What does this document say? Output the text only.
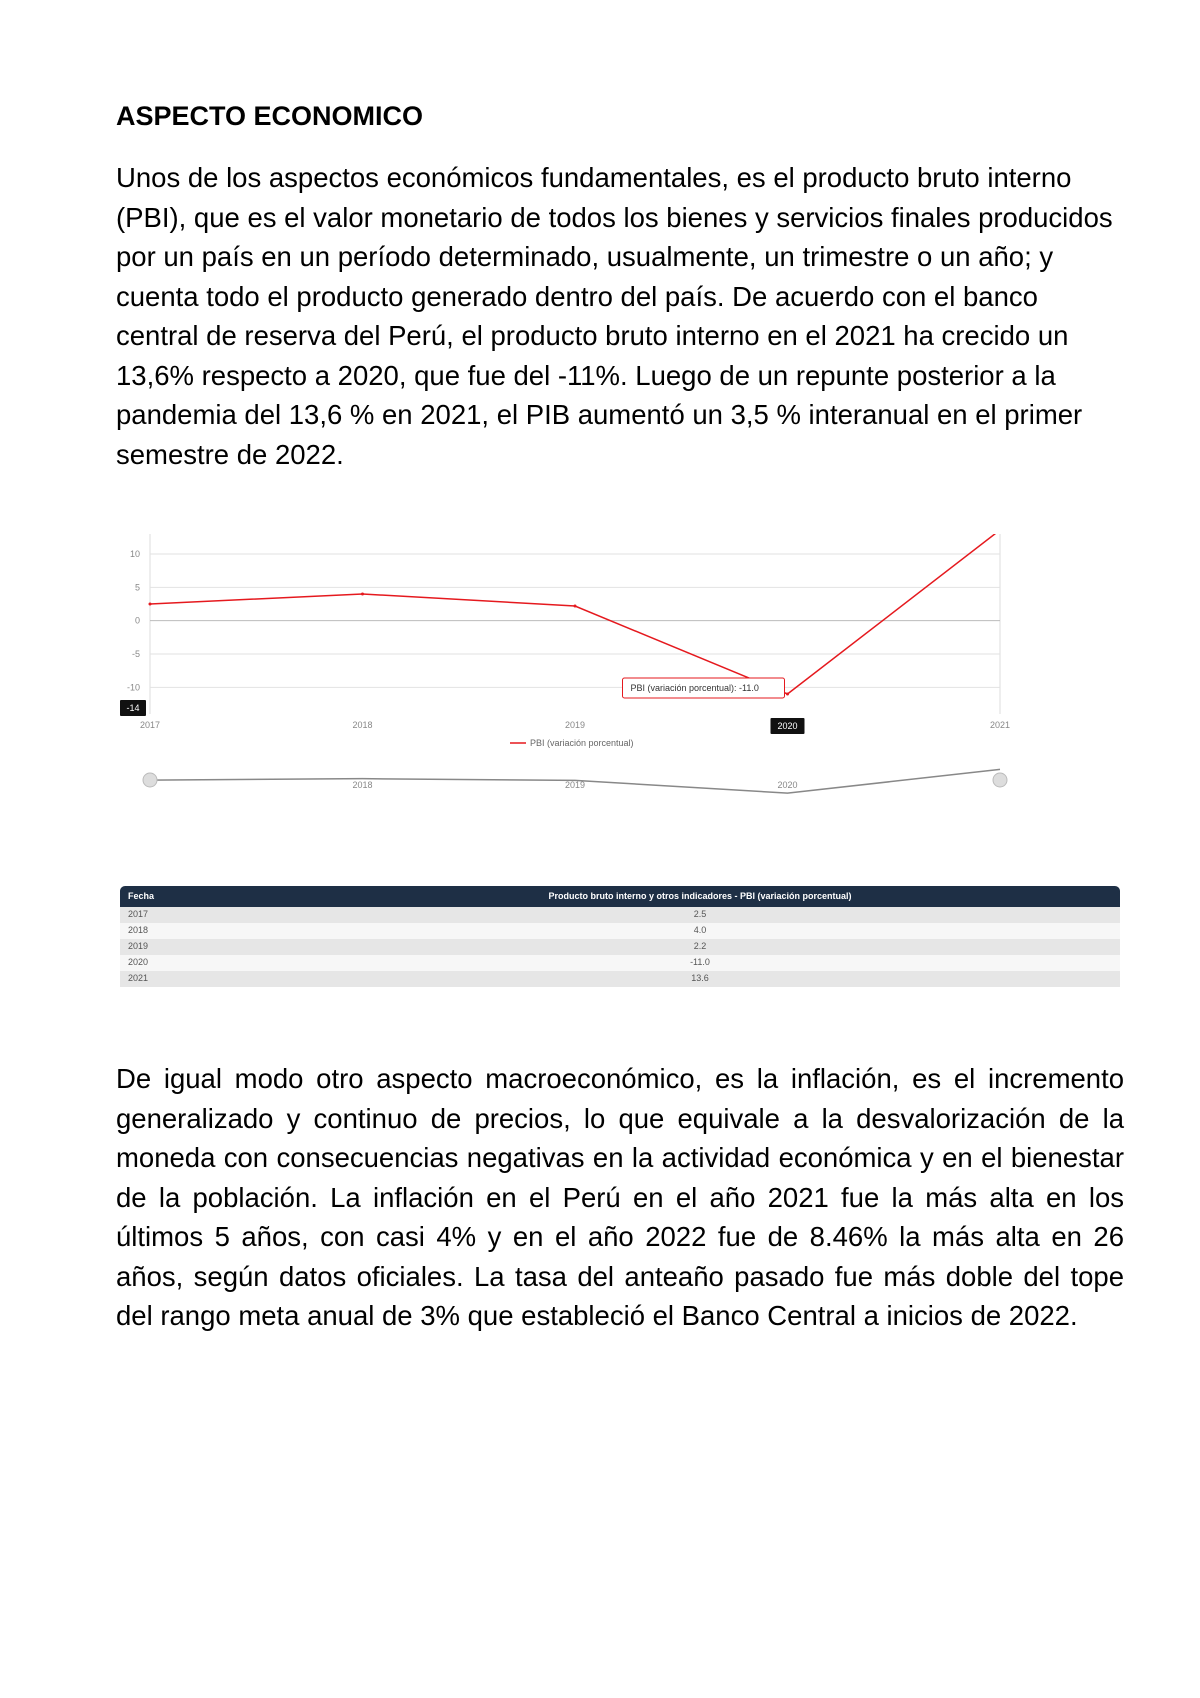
ASPECTO ECONOMICO

Unos de los aspectos económicos fundamentales, es el producto bruto interno (PBI), que es el valor monetario de todos los bienes y servicios finales producidos por un país en un período determinado, usualmente, un trimestre o un año; y cuenta todo el producto generado dentro del país. De acuerdo con el banco central de reserva del Perú, el producto bruto interno en el 2021 ha crecido un 13,6% respecto a 2020, que fue del -11%. Luego de un repunte posterior a la pandemia del 13,6 % en 2021, el PIB aumentó un 3,5 % interanual en el primer semestre de 2022.

10
5
0
-5
-10
2017	2018	2019	2021
2020
-14
PBI (variación porcentual): -11.0
PBI (variación porcentual)
2018	2019	2020
Fecha	Producto bruto interno y otros indicadores - PBI (variación porcentual)
2017	2.5
2018	4.0
2019	2.2
2020	-11.0
2021	13.6

De igual modo otro aspecto macroeconómico, es la inflación, es el incremento generalizado y continuo de precios, lo que equivale a la desvalorización de la moneda con consecuencias negativas en la actividad económica y en el bienestar de la población. La inflación en el Perú en el año 2021 fue la más alta en los últimos 5 años, con casi 4% y en el año 2022 fue de 8.46% la más alta en 26 años, según datos oficiales. La tasa del anteaño pasado fue más doble del tope del rango meta anual de 3% que estableció el Banco Central a inicios de 2022.
